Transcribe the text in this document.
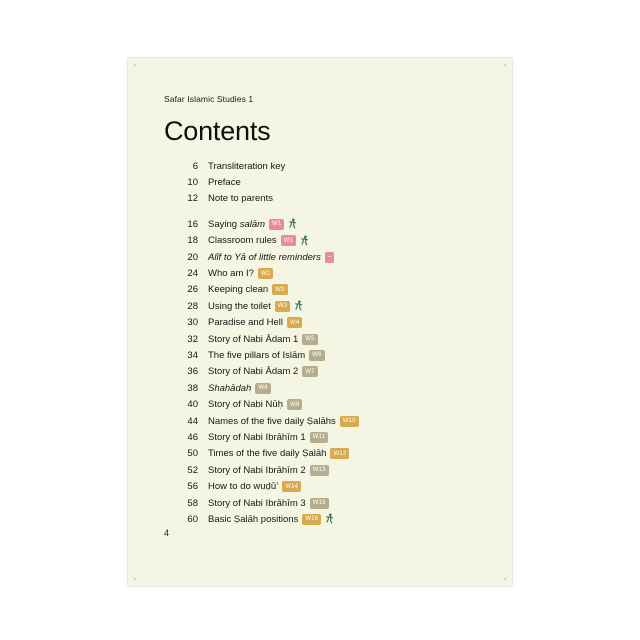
Safar Islamic Studies 1
Contents
6	Transliteration key
10	Preface
12	Note to parents
16	Saying salām	W1
18	Classroom rules	W1
20	Alīf to Yā of little reminders	–
24	Who am I?	W2
26	Keeping clean	W2
28	Using the toilet	W3
30	Paradise and Hell	W4
32	Story of Nabi Ādam 1	W5
34	The five pillars of Islām	W6
36	Story of Nabi Ādam 2	W7
38	Shahādah	W8
40	Story of Nabi Nūḥ	W9
44	Names of the five daily Ṣalāhs	W10
46	Story of Nabi Ibrāhīm 1	W11
50	Times of the five daily Ṣalāh	W12
52	Story of Nabi Ibrāhīm 2	W13
56	How to do wuḍū’	W14
58	Story of Nabi Ibrāhīm 3	W15
60	Basic Ṣalāh positions	W16
4
